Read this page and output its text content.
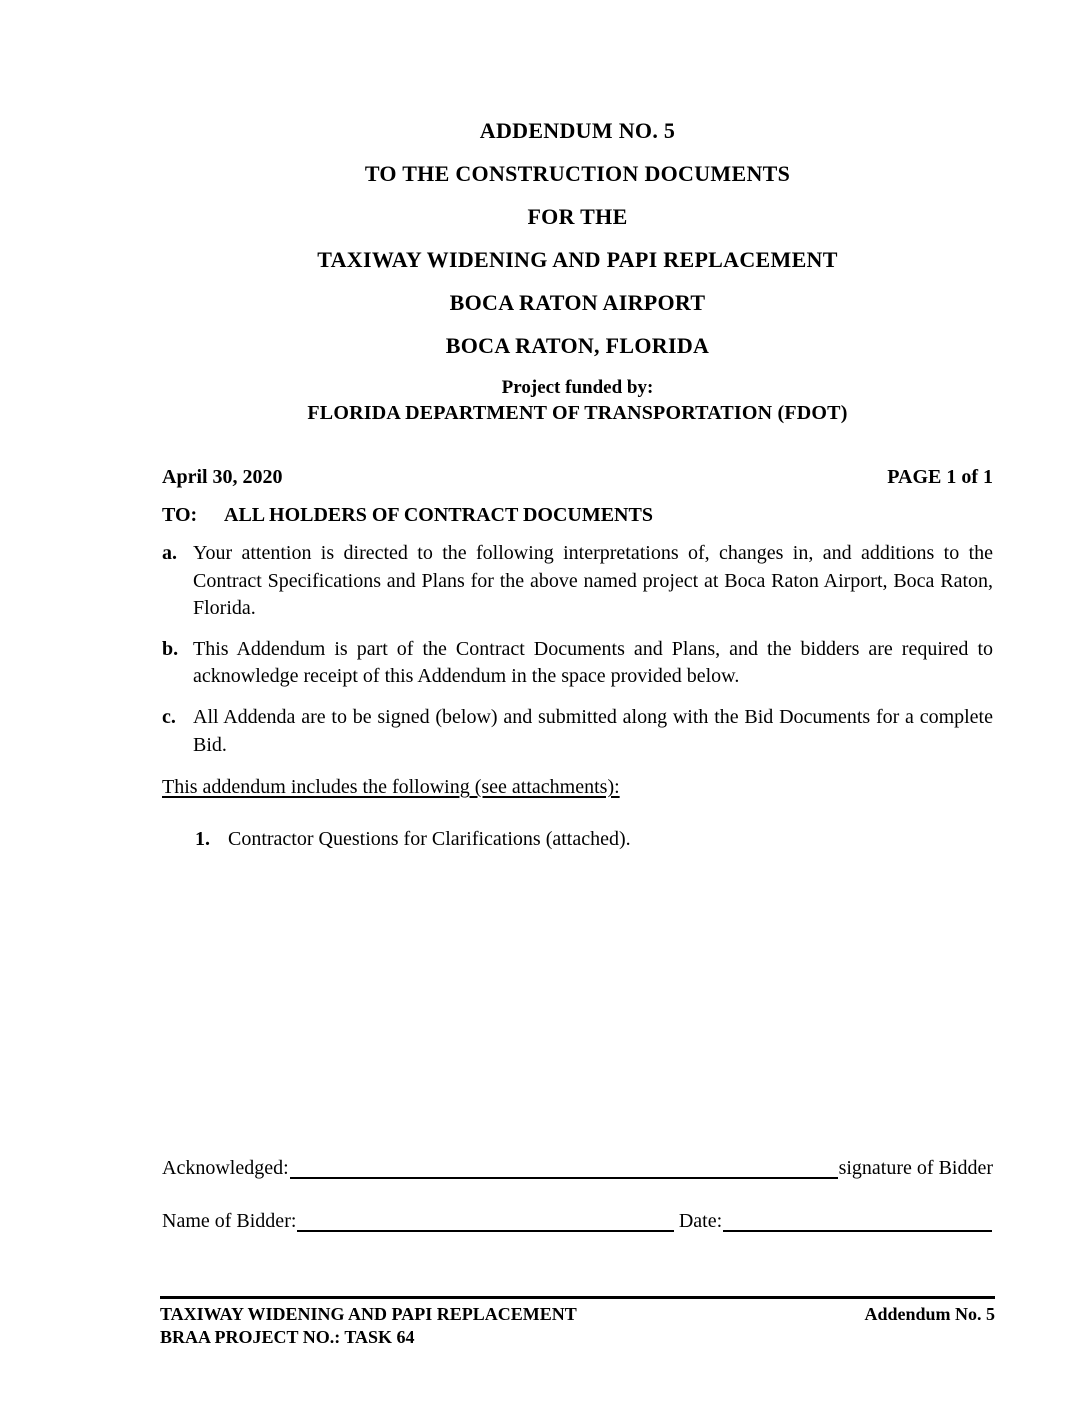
ADDENDUM NO. 5
TO THE CONSTRUCTION DOCUMENTS
FOR THE
TAXIWAY WIDENING AND PAPI REPLACEMENT
BOCA RATON AIRPORT
BOCA RATON, FLORIDA
Project funded by:
FLORIDA DEPARTMENT OF TRANSPORTATION (FDOT)
April 30, 2020	PAGE 1 of 1
TO:	ALL HOLDERS OF CONTRACT DOCUMENTS
a. Your attention is directed to the following interpretations of, changes in, and additions to the Contract Specifications and Plans for the above named project at Boca Raton Airport, Boca Raton, Florida.
b. This Addendum is part of the Contract Documents and Plans, and the bidders are required to acknowledge receipt of this Addendum in the space provided below.
c. All Addenda are to be signed (below) and submitted along with the Bid Documents for a complete Bid.
This addendum includes the following (see attachments):
1. Contractor Questions for Clarifications (attached).
Acknowledged:	signature of Bidder
Name of Bidder:	Date:
TAXIWAY WIDENING AND PAPI REPLACEMENT
BRAA PROJECT NO.: TASK 64
Addendum No. 5
